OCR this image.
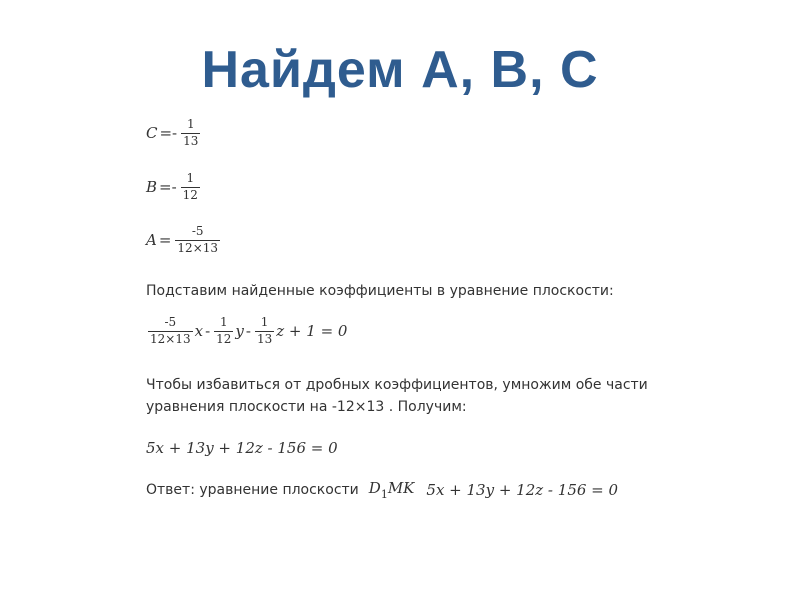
Найдем А, В, С
$C =- \frac{1}{13}$
$B =- \frac{1}{12}$
$A = \frac{-5}{12\times 13}$
Подставим найденные коэффициенты в уравнение плоскости:
$\frac{-5}{12\times 13}$ x - $\frac{1}{12}$ y - $\frac{1}{13}$ z + 1 = 0
Чтобы избавиться от дробных коэффициентов, умножим обе части
уравнения плоскости на -12×13 . Получим:
5x + 13y + 12z - 156 = 0
Ответ: уравнение плоскости $D_1MK$ 5x + 13y + 12z - 156 = 0
